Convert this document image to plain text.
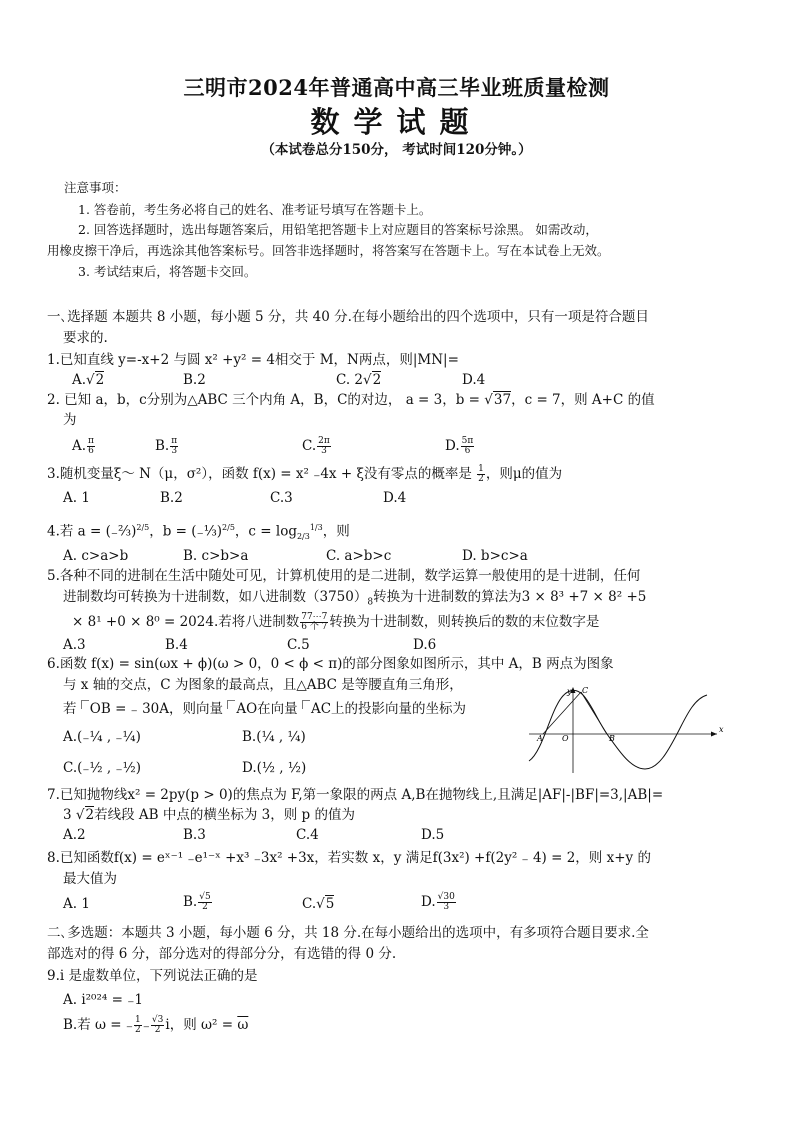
三明市2024年普通高中高三毕业班质量检测
数学试题
（本试卷总分150分， 考试时间120分钟。）
注意事项：
1. 答卷前，考生务必将自己的姓名、准考证号填写在答题卡上。
2. 回答选择题时，选出每题答案后，用铅笔把答题卡上对应题目的答案标号涂黑。 如需改动，
用橡皮擦干净后，再选涂其他答案标号。回答非选择题时，将答案写在答题卡上。写在本试卷上无效。
3. 考试结束后，将答题卡交回。
一､选择题 本题共 8 小题，每小题 5 分，共 40 分.在每小题给出的四个选项中，只有一项是符合题目
要求的.
1.已知直线 y=-x+2 与圆 x² +y² = 4相交于 M，N两点，则|MN|=
A.√2	B.2	C. 2√2	D.4
2. 已知 a，b，c分别为△ABC 三个内角 A，B，C的对边， a = 3，b = √37，c = 7，则 A+C 的值
为
A. $\frac{\pi}{6}$	B. $\frac{\pi}{3}$	C. $\frac{2\pi}{3}$	D. $\frac{5\pi}{6}$
3.随机变量ξ～ N（μ，σ²），函数 f(x) = x² ₋4x + ξ没有零点的概率是 $\frac{1}{2}$ ，则μ的值为
A. 1	B.2	C.3	D.4
4.若 a = (₋⅔)$^{2/5}$，b = (₋⅓)$^{2/5}$，$c = \log_{2/3}^{1/3}$，则
A. c>a>b	B. c>b>a	C. a>b>c	D. b>c>a
5.各种不同的进制在生活中随处可见，计算机使用的是二进制，数学运算一般使用的是十进制，任何
进制数均可转换为十进制数，如八进制数$(3750)_8$转换为十进制数的算法为3 × 8³ +7 × 8² +5
× 8¹ +0 × 8⁰ = 2024.若将八进制数 $\frac{77\cdots 7}{\text{6 个 7}}$ 转换为十进制数，则转换后的数的末位数字是
A.3	B.4	C.5	D.6
6.函数 f(x) = sin(ωx + ϕ)(ω > 0，0 < ϕ < π)的部分图象如图所示，其中 A，B 两点为图象
与 x 轴的交点，C 为图象的最高点，且△ABC 是等腰直角三角形，
若 OB = ₋ 30A，则向量 AO在向量 AC上的投影向量的坐标为
A.(₋¼ , ₋¼)	B.(¼ , ¼)
C.(₋½ , ₋½)	D.(½ , ½)
y
x
C
A O	B
7.已知抛物线x² = 2py(p > 0)的焦点为 F,第一象限的两点 A,B在抛物线上,且满足|AF|-|BF|=3,|AB|=
3 √2若线段 AB 中点的横坐标为 3，则 p 的值为
A.2	B.3	C.4	D.5
8.已知函数f(x) = eˣ⁻¹ ₋e¹⁻ˣ +x³ ₋3x² +3x，若实数 x，y 满足f(3x²) +f(2y² ₋ 4) = 2，则 x+y 的
最大值为
A. 1	B. $\frac{√5}{2}$	C.√5	D. $\frac{√30}{3}$
二､多选题：本题共 3 小题，每小题 6 分，共 18 分.在每小题给出的选项中，有多项符合题目要求.全
部选对的得 6 分，部分选对的得部分分，有选错的得 0 分.
9.i 是虚数单位，下列说法正确的是
A. i²⁰²⁴ = ₋1
B.若 ω = ₋ $\frac{1}{2}$ ₋ $\frac{√3}{2}$ i，则 $\omega^2 = \overline{\omega}$
